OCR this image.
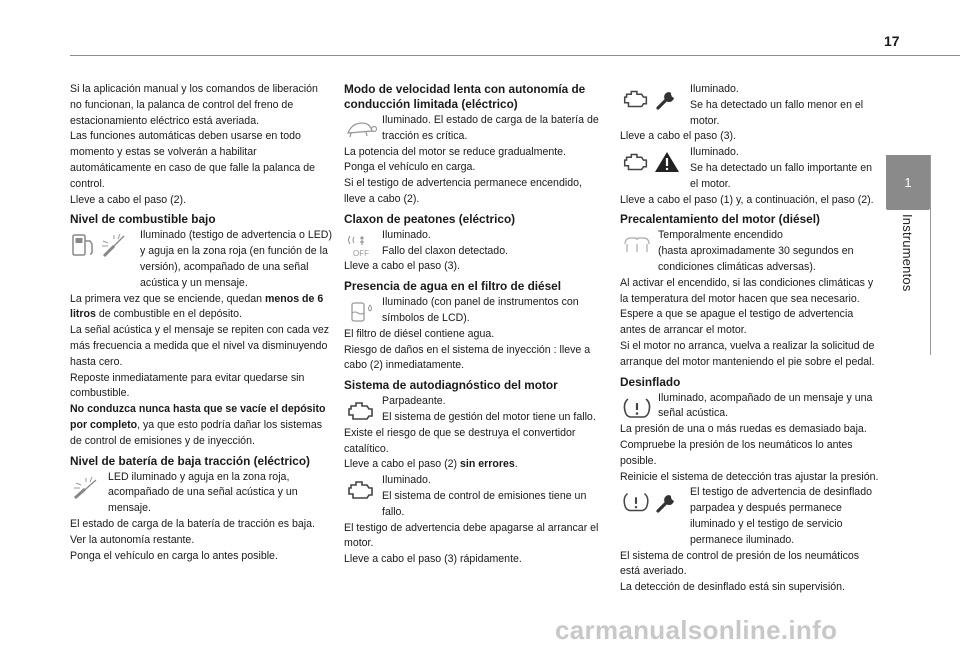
17
1
Instrumentos

Si la aplicación manual y los comandos de liberación no funcionan, la palanca de control del freno de estacionamiento eléctrico está averiada.

Las funciones automáticas deben usarse en todo momento y estas se volverán a habilitar automáticamente en caso de que falle la palanca de control.

Lleve a cabo el paso (2).

Nivel de combustible bajo
Iluminado (testigo de advertencia o LED) y aguja en la zona roja (en función de la versión), acompañado de una señal acústica y un mensaje.

La primera vez que se enciende, quedan menos de 6 litros de combustible en el depósito.

La señal acústica y el mensaje se repiten con cada vez más frecuencia a medida que el nivel va disminuyendo hasta cero.

Reposte inmediatamente para evitar quedarse sin combustible.

No conduzca nunca hasta que se vacíe el depósito por completo, ya que esto podría dañar los sistemas de control de emisiones y de inyección.

Nivel de batería de baja tracción (eléctrico)
LED iluminado y aguja en la zona roja, acompañado de una señal acústica y un mensaje.

El estado de carga de la batería de tracción es baja.

Ver la autonomía restante.

Ponga el vehículo en carga lo antes posible.

Modo de velocidad lenta con autonomía de conducción limitada (eléctrico)
Iluminado. El estado de carga de la batería de tracción es crítica.

La potencia del motor se reduce gradualmente.

Ponga el vehículo en carga.

Si el testigo de advertencia permanece encendido, lleve a cabo (2).

Claxon de peatones (eléctrico)
OFF
Iluminado.
Fallo del claxon detectado.

Lleve a cabo el paso (3).

Presencia de agua en el filtro de diésel
Iluminado (con panel de instrumentos con símbolos de LCD).

El filtro de diésel contiene agua.

Riesgo de daños en el sistema de inyección : lleve a cabo (2) inmediatamente.

Sistema de autodiagnóstico del motor
Parpadeante.
El sistema de gestión del motor tiene un fallo.

Existe el riesgo de que se destruya el convertidor catalítico.

Lleve a cabo el paso (2) sin errores.

Iluminado.
El sistema de control de emisiones tiene un fallo.

El testigo de advertencia debe apagarse al arrancar el motor.

Lleve a cabo el paso (3) rápidamente.

Iluminado.
Se ha detectado un fallo menor en el motor.

Lleve a cabo el paso (3).

Iluminado.
Se ha detectado un fallo importante en el motor.

Lleve a cabo el paso (1) y, a continuación, el paso (2).

Precalentamiento del motor (diésel)
Temporalmente encendido
(hasta aproximadamente 30 segundos en condiciones climáticas adversas).

Al activar el encendido, si las condiciones climáticas y la temperatura del motor hacen que sea necesario. Espere a que se apague el testigo de advertencia antes de arrancar el motor.

Si el motor no arranca, vuelva a realizar la solicitud de arranque del motor manteniendo el pie sobre el pedal.

Desinflado
Iluminado, acompañado de un mensaje y una señal acústica.

La presión de una o más ruedas es demasiado baja.

Compruebe la presión de los neumáticos lo antes posible.

Reinicie el sistema de detección tras ajustar la presión.

El testigo de advertencia de desinflado parpadea y después permanece iluminado y el testigo de servicio permanece iluminado.

El sistema de control de presión de los neumáticos está averiado.

La detección de desinflado está sin supervisión.

carmanualsonline.info
